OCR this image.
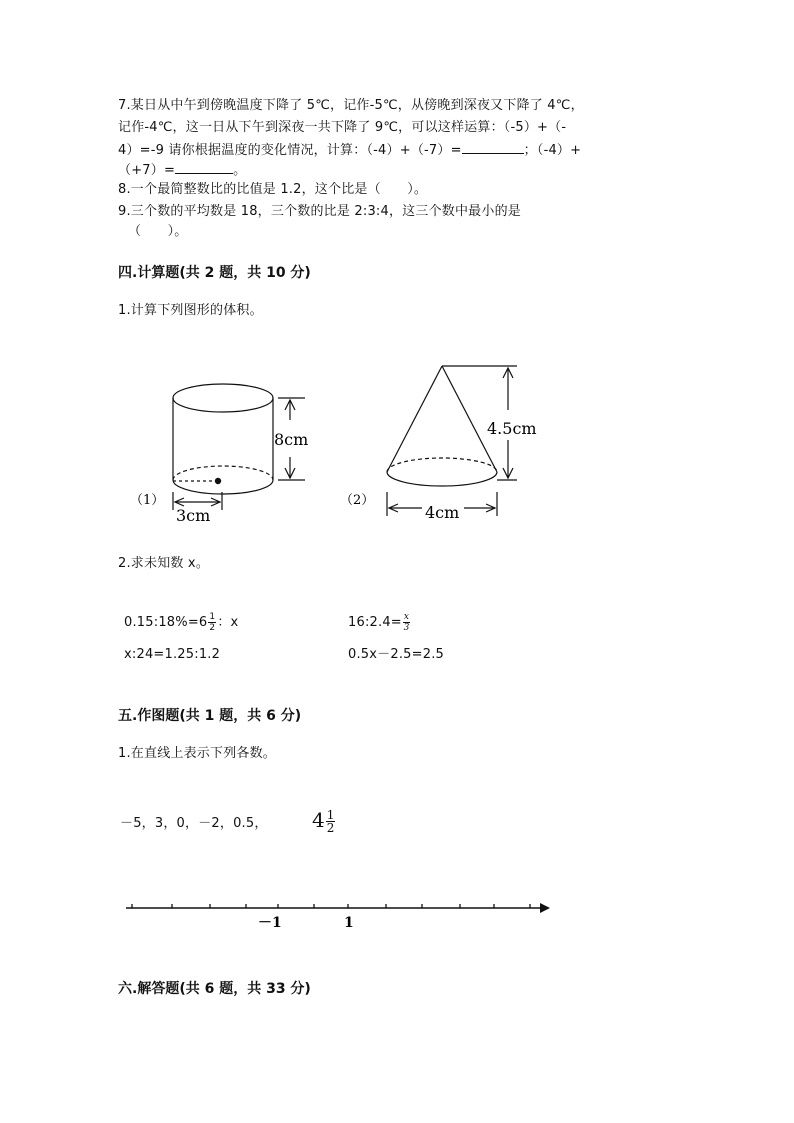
7.某日从中午到傍晚温度下降了 5℃，记作-5℃，从傍晚到深夜又下降了 4℃，
记作-4℃，这一日从下午到深夜一共下降了 9℃，可以这样运算：（-5）+（-
4）=-9 请你根据温度的变化情况，计算：（-4）+（-7）=	；（-4）+
（+7）=	。
8.一个最简整数比的比值是 1.2，这个比是（　　）。
9.三个数的平均数是 18，三个数的比是 2:3:4，这三个数中最小的是
（　　）。
四.计算题(共 2 题，共 10 分)
1.计算下列图形的体积。
（1）
8cm
3cm
（2）
4.5cm
4cm
2.求未知数 x。
0.15:18%=6 $\frac{1}{2}$ ：x	16:2.4= $\frac{x}{3}$
x:24=1.25:1.2	0.5x－2.5=2.5
五.作图题(共 1 题，共 6 分)
1.在直线上表示下列各数。
－5，3，0，－2，0.5， $4 \frac{1}{2}$
－1	1
六.解答题(共 6 题，共 33 分)
